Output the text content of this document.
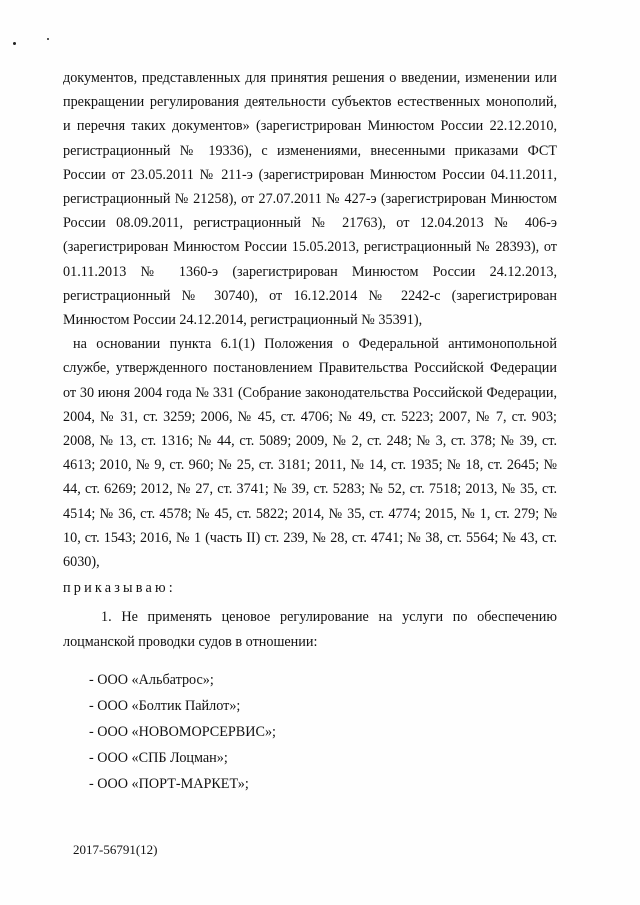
документов, представленных для принятия решения о введении, изменении или прекращении регулирования деятельности субъектов естественных монополий, и перечня таких документов» (зарегистрирован Минюстом России 22.12.2010, регистрационный № 19336), с изменениями, внесенными приказами ФСТ России от 23.05.2011 № 211-э (зарегистрирован Минюстом России 04.11.2011, регистрационный № 21258), от 27.07.2011 № 427-э (зарегистрирован Минюстом России 08.09.2011, регистрационный № 21763), от 12.04.2013 № 406-э (зарегистрирован Минюстом России 15.05.2013, регистрационный № 28393), от 01.11.2013 № 1360-э (зарегистрирован Минюстом России 24.12.2013, регистрационный № 30740), от 16.12.2014 № 2242-с (зарегистрирован Минюстом России 24.12.2014, регистрационный № 35391),

на основании пункта 6.1(1) Положения о Федеральной антимонопольной службе, утвержденного постановлением Правительства Российской Федерации от 30 июня 2004 года № 331 (Собрание законодательства Российской Федерации, 2004, № 31, ст. 3259; 2006, № 45, ст. 4706; № 49, ст. 5223; 2007, № 7, ст. 903; 2008, № 13, ст. 1316; № 44, ст. 5089; 2009, № 2, ст. 248; № 3, ст. 378; № 39, ст. 4613; 2010, № 9, ст. 960; № 25, ст. 3181; 2011, № 14, ст. 1935; № 18, ст. 2645; № 44, ст. 6269; 2012, № 27, ст. 3741; № 39, ст. 5283; № 52, ст. 7518; 2013, № 35, ст. 4514; № 36, ст. 4578; № 45, ст. 5822; 2014, № 35, ст. 4774; 2015, № 1, ст. 279; № 10, ст. 1543; 2016, № 1 (часть II) ст. 239, № 28, ст. 4741; № 38, ст. 5564; № 43, ст. 6030),

приказываю:

1. Не применять ценовое регулирование на услуги по обеспечению лоцманской проводки судов в отношении:

- ООО «Альбатрос»;
- ООО «Болтик Пайлот»;
- ООО «НОВОМОРСЕРВИС»;
- ООО «СПБ Лоцман»;
- ООО «ПОРТ-МАРКЕТ»;
2017-56791(12)
